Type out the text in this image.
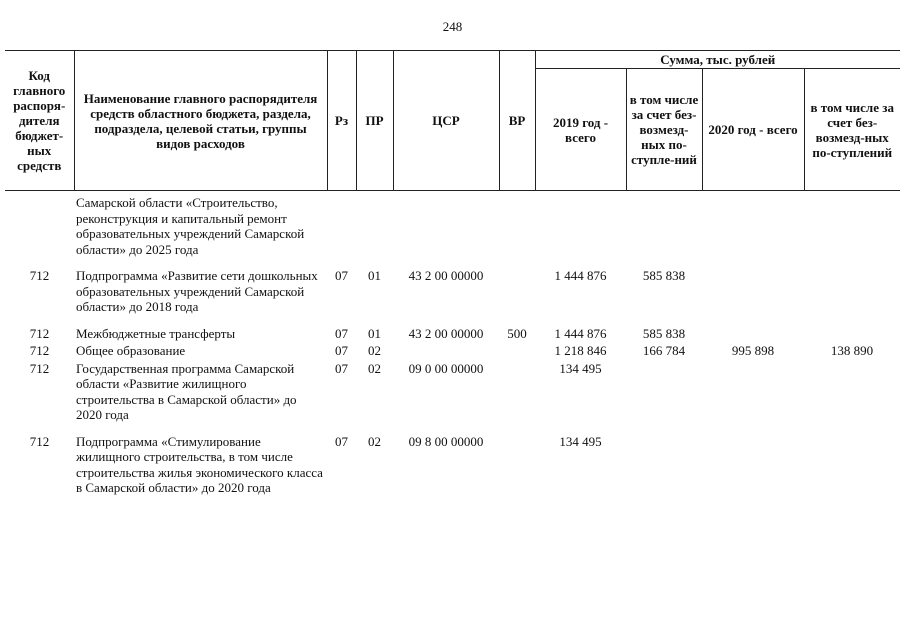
248
Код главного распоря-дителя бюджет-ных средств	Наименование главного распорядителя средств областного бюджета, раздела, подраздела, целевой статьи, группы видов расходов	Рз	ПР	ЦСР	ВР	Сумма, тыс. рублей			
						2019 год - всего	в том числе за счет без-возмезд-ных по-ступле-ний	2020 год - всего	в том числе за счет без-возмезд-ных по-ступлений
	Самарской области «Строительство, реконструкция и капитальный ремонт образовательных учреждений Самарской области» до 2025 года								
712	Подпрограмма «Развитие сети дошкольных образовательных учреждений Самарской области» до 2018 года	07	01	43 2 00 00000		1 444 876	585 838		
712	Межбюджетные трансферты	07	01	43 2 00 00000	500	1 444 876	585 838		
712	Общее образование	07	02			1 218 846	166 784	995 898	138 890
712	Государственная программа Самарской области «Развитие жилищного строительства в Самарской области» до 2020 года	07	02	09 0 00 00000		134 495			
712	Подпрограмма «Стимулирование жилищного строительства, в том числе строительства жилья экономического класса в Самарской области» до 2020 года	07	02	09 8 00 00000		134 495			
